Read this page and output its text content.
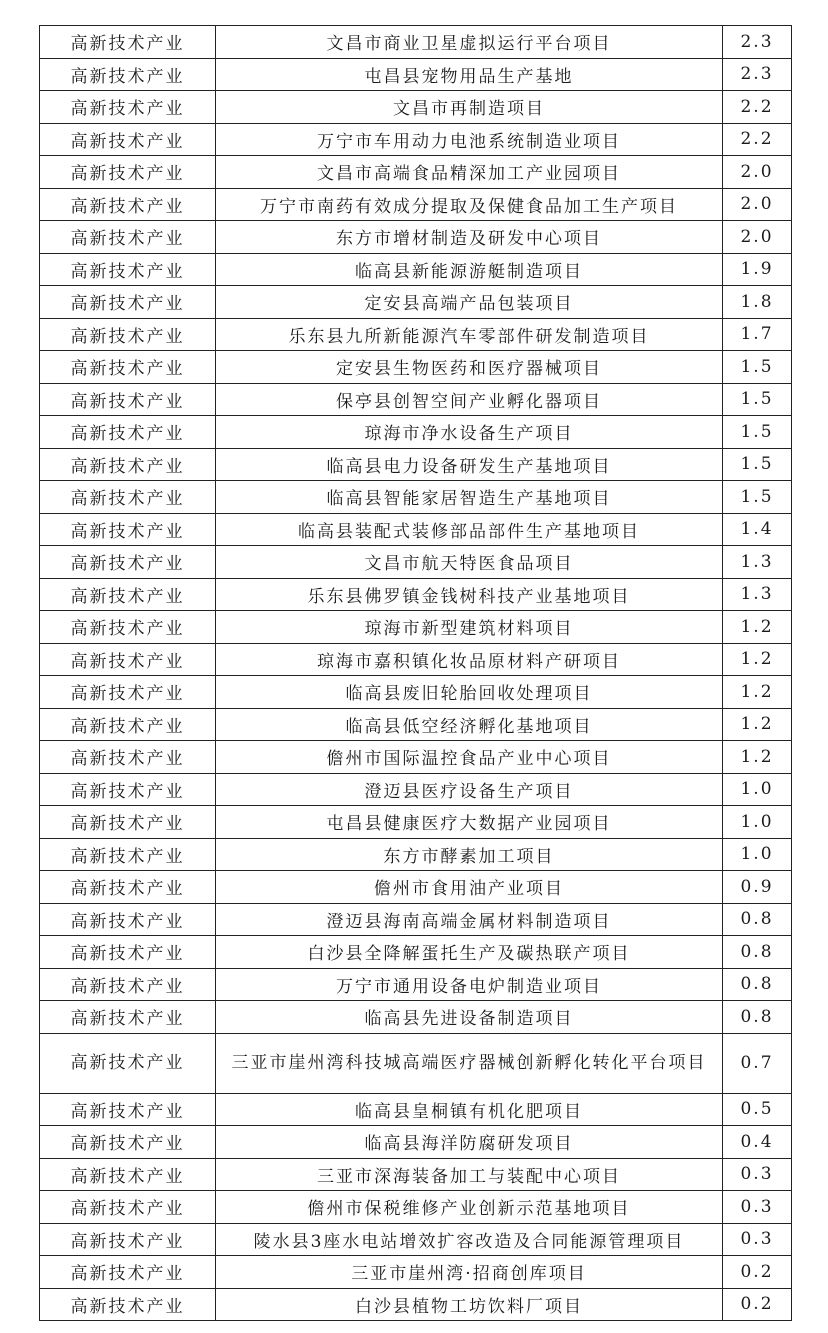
高新技术产业	文昌市商业卫星虚拟运行平台项目	2.3
高新技术产业	屯昌县宠物用品生产基地	2.3
高新技术产业	文昌市再制造项目	2.2
高新技术产业	万宁市车用动力电池系统制造业项目	2.2
高新技术产业	文昌市高端食品精深加工产业园项目	2.0
高新技术产业	万宁市南药有效成分提取及保健食品加工生产项目	2.0
高新技术产业	东方市增材制造及研发中心项目	2.0
高新技术产业	临高县新能源游艇制造项目	1.9
高新技术产业	定安县高端产品包装项目	1.8
高新技术产业	乐东县九所新能源汽车零部件研发制造项目	1.7
高新技术产业	定安县生物医药和医疗器械项目	1.5
高新技术产业	保亭县创智空间产业孵化器项目	1.5
高新技术产业	琼海市净水设备生产项目	1.5
高新技术产业	临高县电力设备研发生产基地项目	1.5
高新技术产业	临高县智能家居智造生产基地项目	1.5
高新技术产业	临高县装配式装修部品部件生产基地项目	1.4
高新技术产业	文昌市航天特医食品项目	1.3
高新技术产业	乐东县佛罗镇金钱树科技产业基地项目	1.3
高新技术产业	琼海市新型建筑材料项目	1.2
高新技术产业	琼海市嘉积镇化妆品原材料产研项目	1.2
高新技术产业	临高县废旧轮胎回收处理项目	1.2
高新技术产业	临高县低空经济孵化基地项目	1.2
高新技术产业	儋州市国际温控食品产业中心项目	1.2
高新技术产业	澄迈县医疗设备生产项目	1.0
高新技术产业	屯昌县健康医疗大数据产业园项目	1.0
高新技术产业	东方市酵素加工项目	1.0
高新技术产业	儋州市食用油产业项目	0.9
高新技术产业	澄迈县海南高端金属材料制造项目	0.8
高新技术产业	白沙县全降解蛋托生产及碳热联产项目	0.8
高新技术产业	万宁市通用设备电炉制造业项目	0.8
高新技术产业	临高县先进设备制造项目	0.8
高新技术产业	三亚市崖州湾科技城高端医疗器械创新孵化转化平台项目	0.7
高新技术产业	临高县皇桐镇有机化肥项目	0.5
高新技术产业	临高县海洋防腐研发项目	0.4
高新技术产业	三亚市深海装备加工与装配中心项目	0.3
高新技术产业	儋州市保税维修产业创新示范基地项目	0.3
高新技术产业	陵水县3座水电站增效扩容改造及合同能源管理项目	0.3
高新技术产业	三亚市崖州湾·招商创库项目	0.2
高新技术产业	白沙县植物工坊饮料厂项目	0.2
